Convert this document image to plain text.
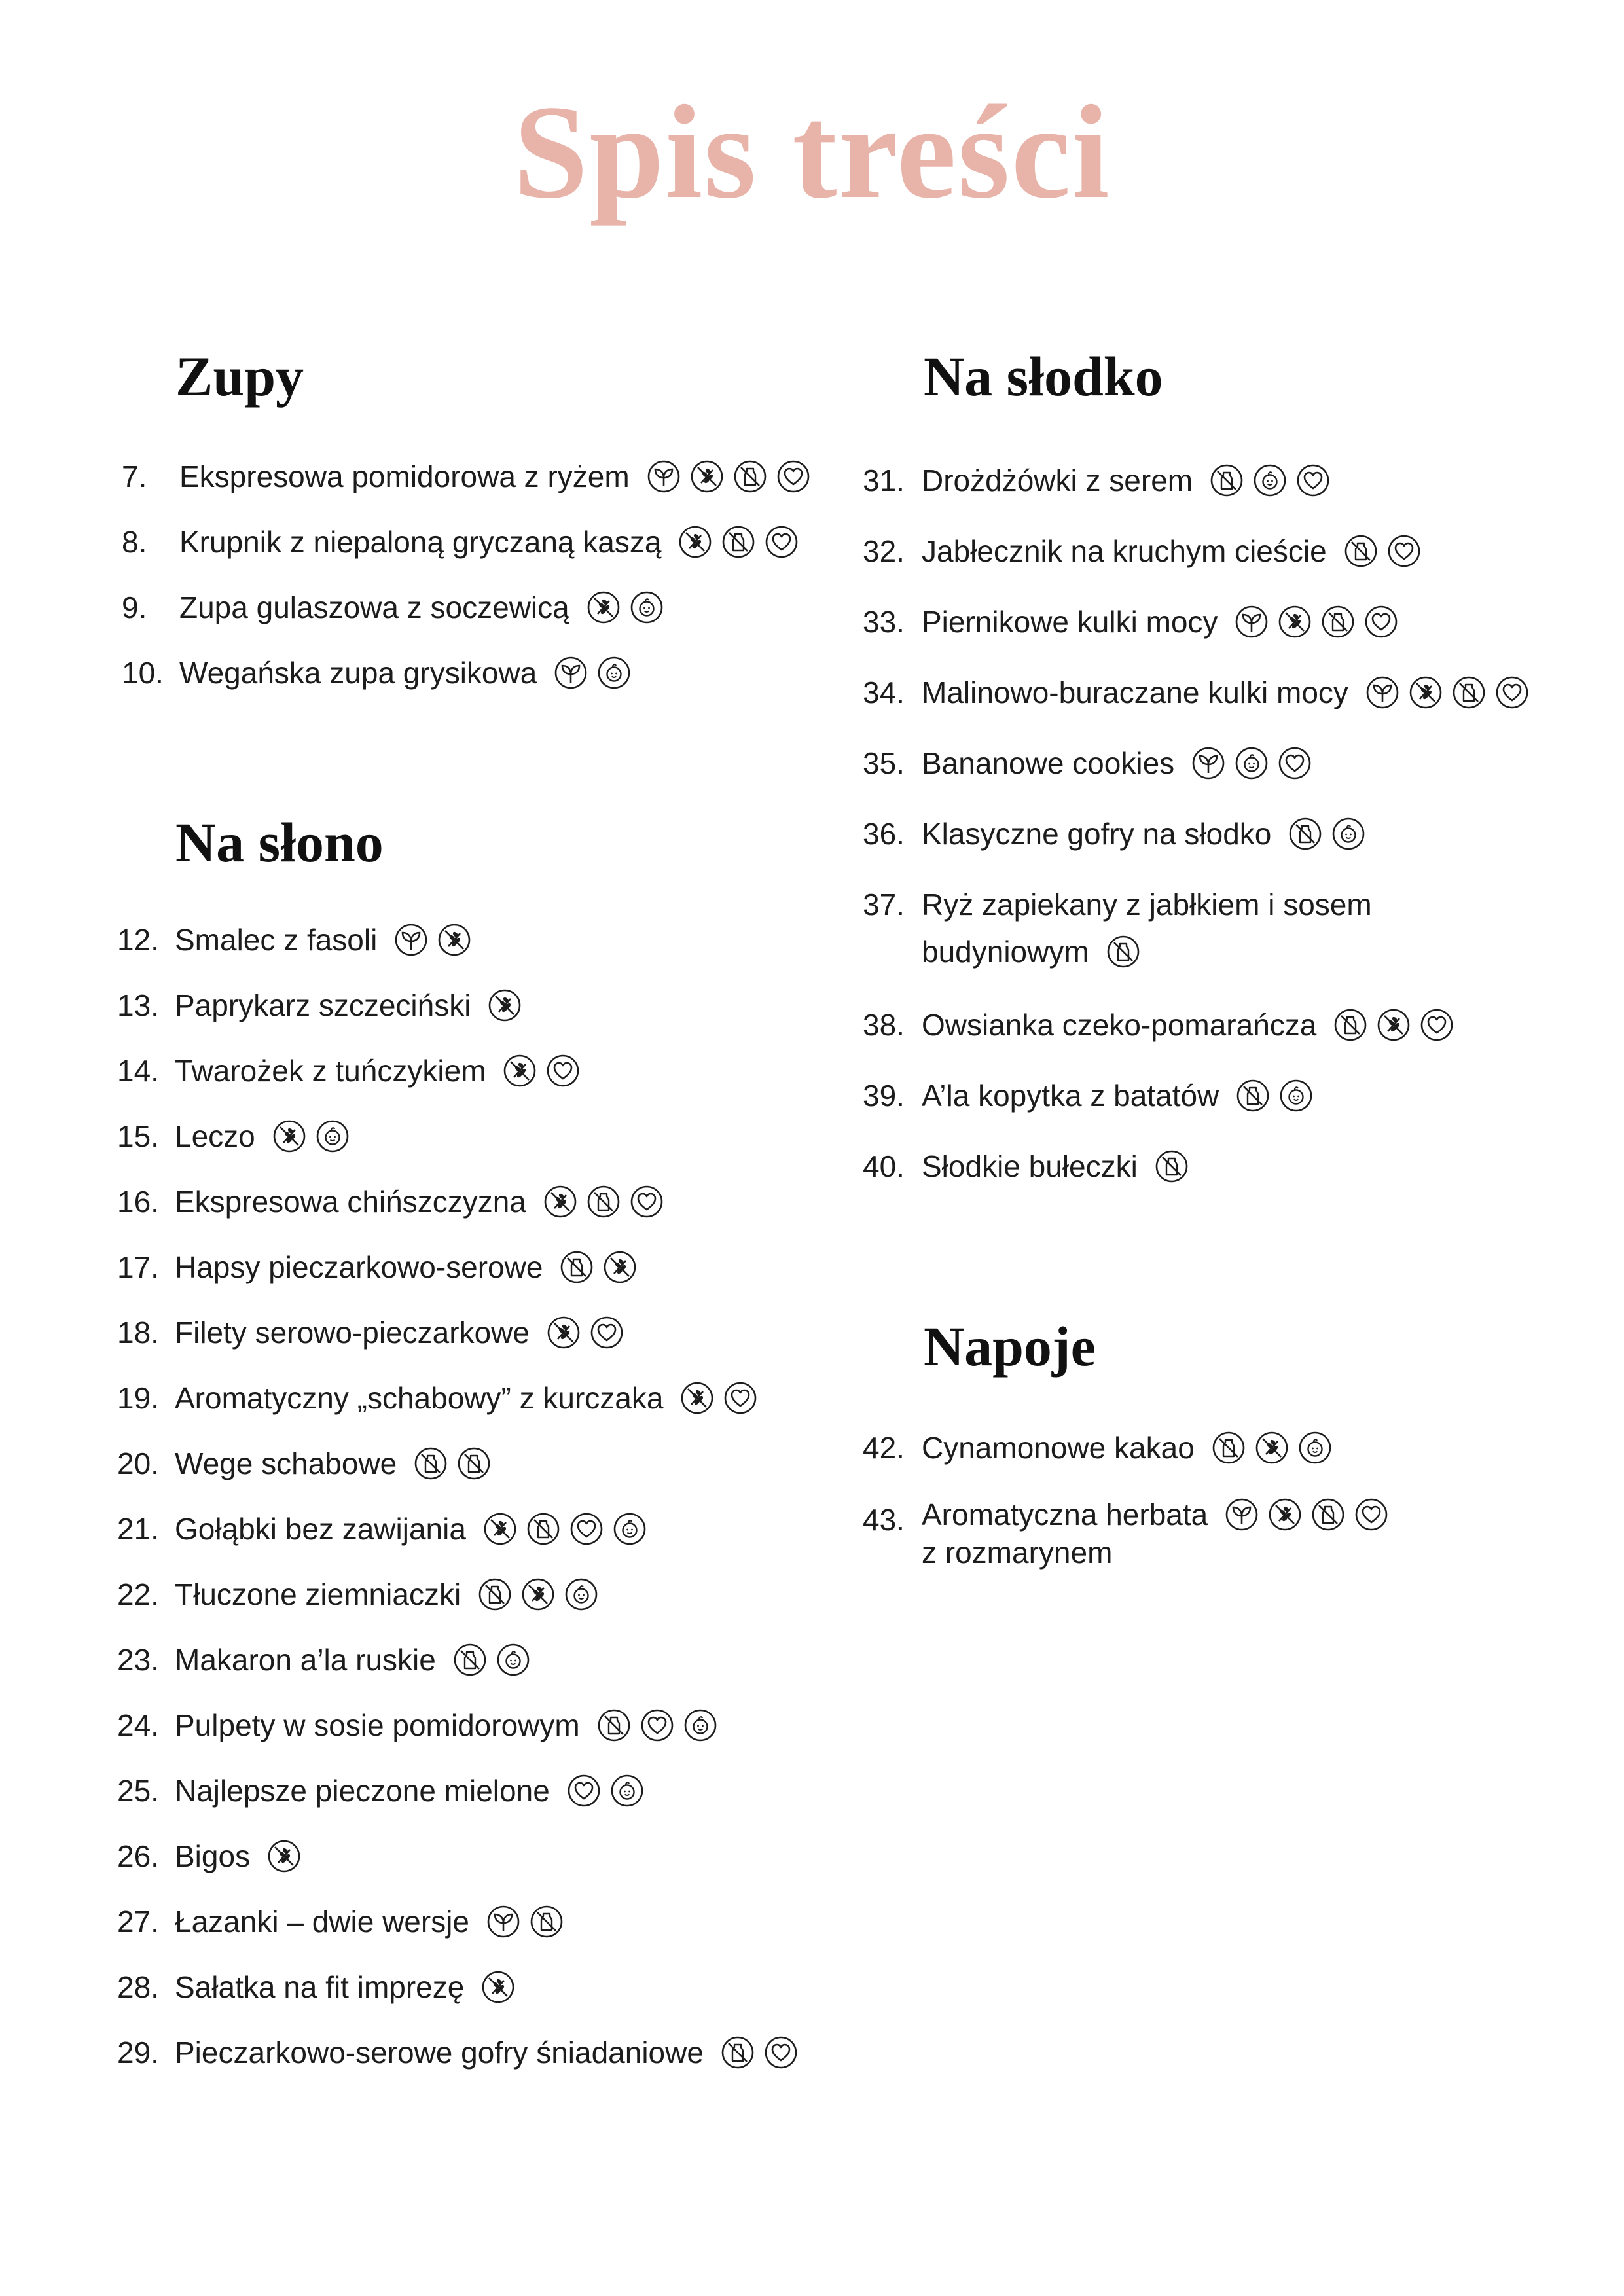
Spis treści
Zupy
Na słono
Na słodko
Napoje
7. Ekspresowa pomidorowa z ryżem
8. Krupnik z niepaloną gryczaną kaszą
9. Zupa gulaszowa z soczewicą
10. Wegańska zupa grysikowa
12. Smalec z fasoli
13. Paprykarz szczeciński
14. Twarożek z tuńczykiem
15. Leczo
16. Ekspresowa chińszczyzna
17. Hapsy pieczarkowo-serowe
18. Filety serowo-pieczarkowe
19. Aromatyczny „schabowy” z kurczaka
20. Wege schabowe
21. Gołąbki bez zawijania
22. Tłuczone ziemniaczki
23. Makaron a’la ruskie
24. Pulpety w sosie pomidorowym
25. Najlepsze pieczone mielone
26. Bigos
27. Łazanki – dwie wersje
28. Sałatka na fit imprezę
29. Pieczarkowo-serowe gofry śniadaniowe
31. Drożdżówki z serem
32. Jabłecznik na kruchym cieście
33. Piernikowe kulki mocy
34. Malinowo-buraczane kulki mocy
35. Bananowe cookies
36. Klasyczne gofry na słodko
37. Ryż zapiekany z jabłkiem i sosem
budyniowym
38. Owsianka czeko-pomarańcza
39. A’la kopytka z batatów
40. Słodkie bułeczki
42. Cynamonowe kakao
43. Aromatyczna herbata
z rozmarynem
